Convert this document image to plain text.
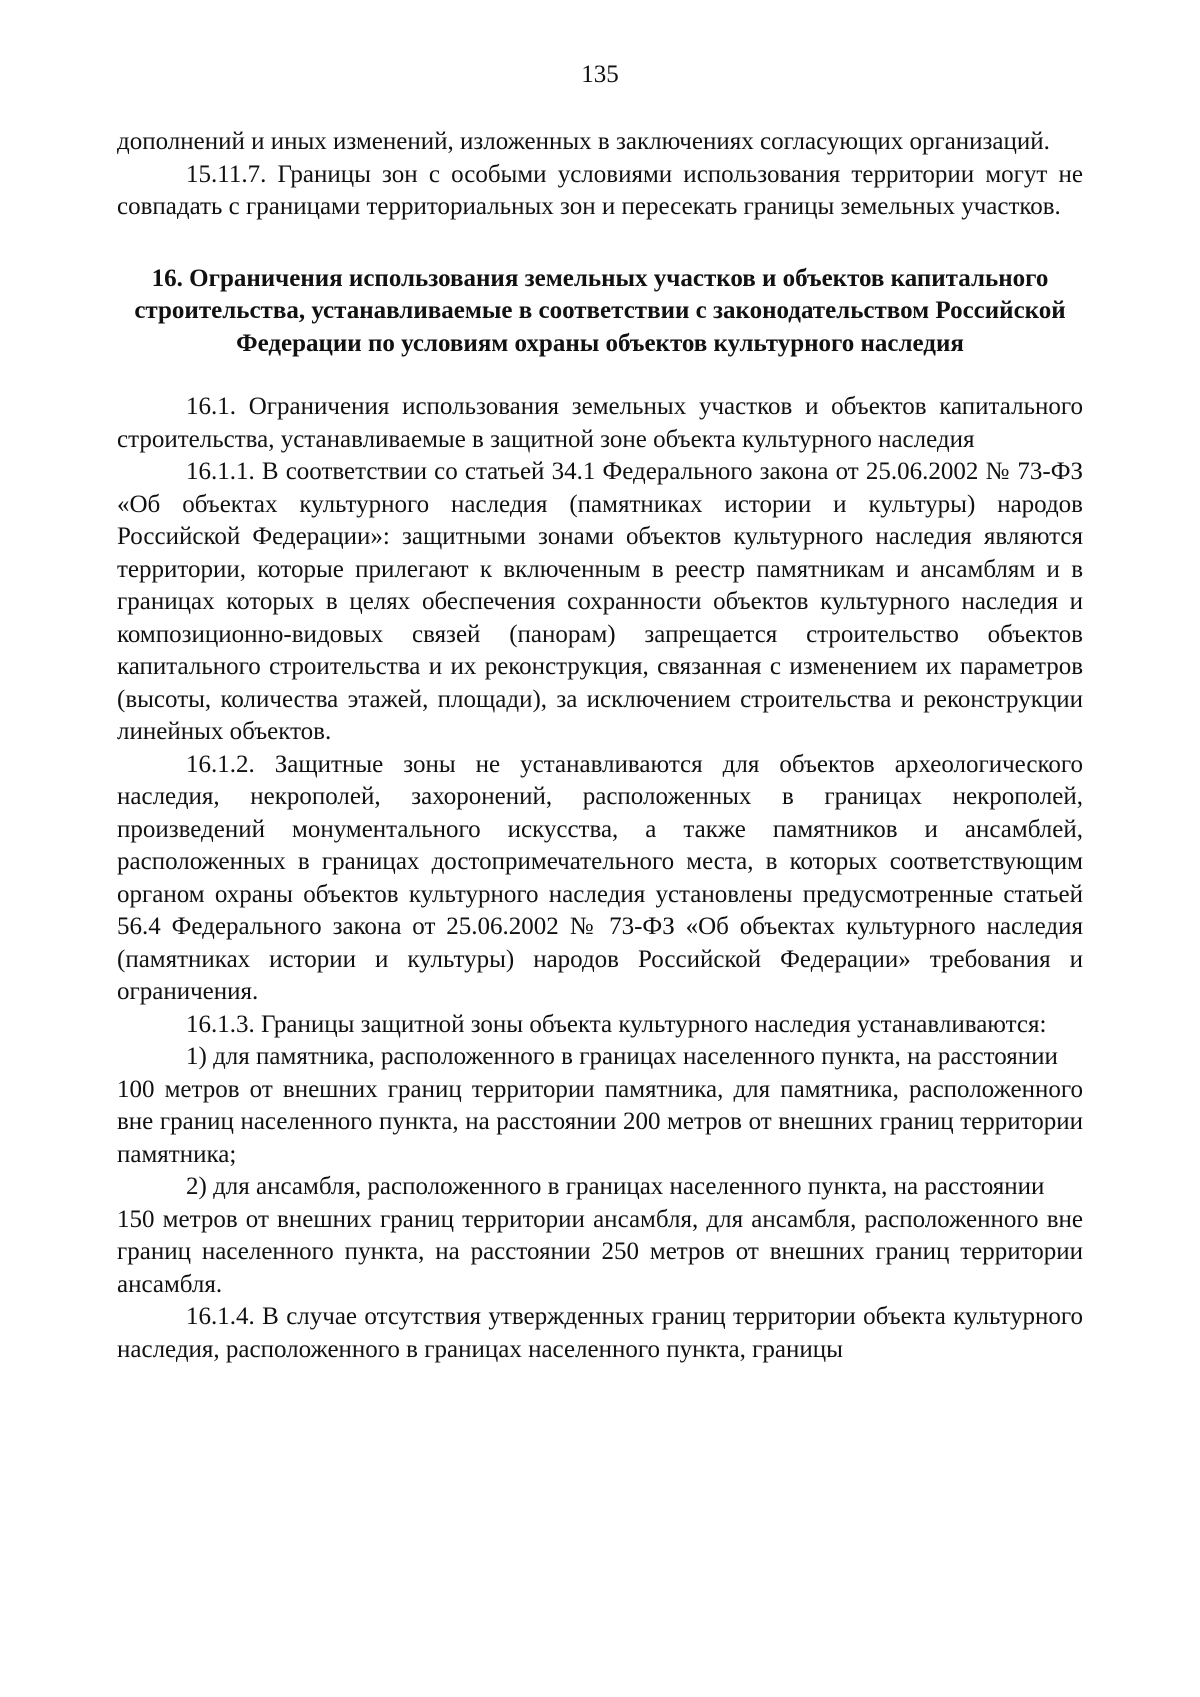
135

дополнений и иных изменений, изложенных в заключениях согласующих организаций.

15.11.7. Границы зон с особыми условиями использования территории могут не совпадать с границами территориальных зон и пересекать границы земельных участков.

16. Ограничения использования земельных участков и объектов капитального строительства, устанавливаемые в соответствии с законодательством Российской Федерации по условиям охраны объектов культурного наследия

16.1. Ограничения использования земельных участков и объектов капитального строительства, устанавливаемые в защитной зоне объекта культурного наследия

16.1.1. В соответствии со статьей 34.1 Федерального закона от 25.06.2002 № 73-ФЗ «Об объектах культурного наследия (памятниках истории и культуры) народов Российской Федерации»: защитными зонами объектов культурного наследия являются территории, которые прилегают к включенным в реестр памятникам и ансамблям и в границах которых в целях обеспечения сохранности объектов культурного наследия и композиционно-видовых связей (панорам) запрещается строительство объектов капитального строительства и их реконструкция, связанная с изменением их параметров (высоты, количества этажей, площади), за исключением строительства и реконструкции линейных объектов.

16.1.2. Защитные зоны не устанавливаются для объектов археологического наследия, некрополей, захоронений, расположенных в границах некрополей, произведений монументального искусства, а также памятников и ансамблей, расположенных в границах достопримечательного места, в которых соответствующим органом охраны объектов культурного наследия установлены предусмотренные статьей 56.4 Федерального закона от 25.06.2002 № 73-ФЗ «Об объектах культурного наследия (памятниках истории и культуры) народов Российской Федерации» требования и ограничения.

16.1.3. Границы защитной зоны объекта культурного наследия устанавливаются:

1) для памятника, расположенного в границах населенного пункта, на расстоянии

100 метров от внешних границ территории памятника, для памятника, расположенного вне границ населенного пункта, на расстоянии 200 метров от внешних границ территории памятника;

2) для ансамбля, расположенного в границах населенного пункта, на расстоянии

150 метров от внешних границ территории ансамбля, для ансамбля, расположенного вне границ населенного пункта, на расстоянии 250 метров от внешних границ территории ансамбля.

16.1.4. В случае отсутствия утвержденных границ территории объекта культурного наследия, расположенного в границах населенного пункта, границы
